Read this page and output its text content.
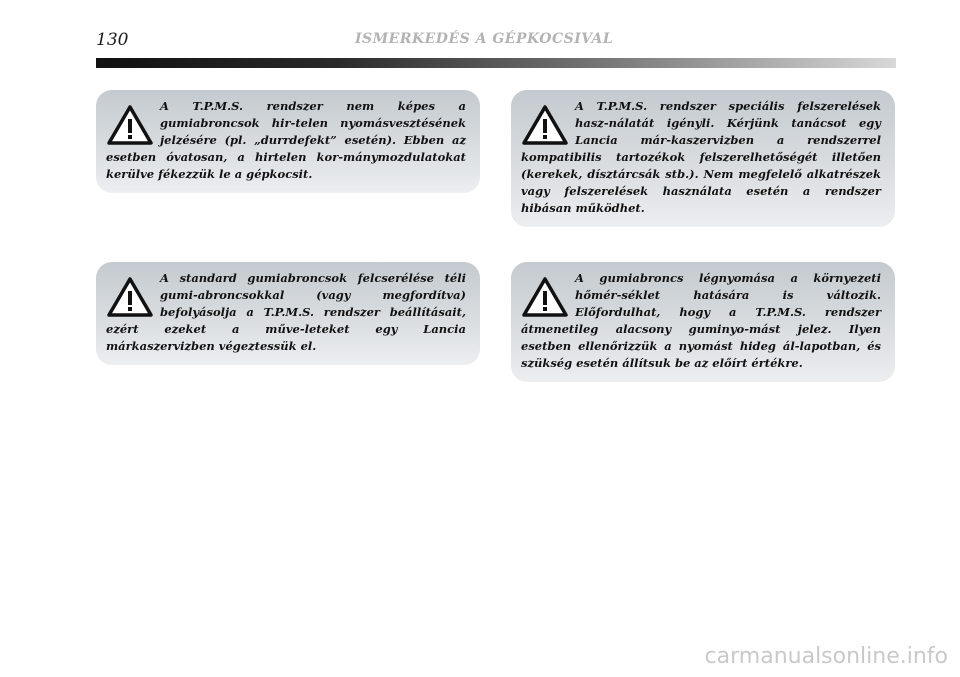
130	ISMERKEDÉS A GÉPKOCSIVAL
A T.P.M.S. rendszer nem képes a gumiabroncsok hir-telen nyomásvesztésének jelzésére (pl. „durrdefekt” esetén). Ebben az esetben óvatosan, a hirtelen kor-mánymozdulatokat kerülve fékezzük le a gépkocsit.
A T.P.M.S. rendszer speciális felszerelések hasz-nálatát igényli. Kérjünk tanácsot egy Lancia már-kaszervizben a rendszerrel kompatibilis tartozékok felszerelhetőségét illetően (kerekek, dísztárcsák stb.). Nem megfelelő alkatrészek vagy felszerelések használata esetén a rendszer hibásan működhet.
A standard gumiabroncsok felcserélése téli gumi-abroncsokkal (vagy megfordítva) befolyásolja a T.P.M.S. rendszer beállításait, ezért ezeket a műve-leteket egy Lancia márkaszervizben végeztessük el.
A gumiabroncs légnyomása a környezeti hőmér-séklet hatására is változik. Előfordulhat, hogy a T.P.M.S. rendszer átmenetileg alacsony guminyo-mást jelez. Ilyen esetben ellenőrizzük a nyomást hideg ál-lapotban, és szükség esetén állítsuk be az előírt értékre.
carmanualsonline.info
